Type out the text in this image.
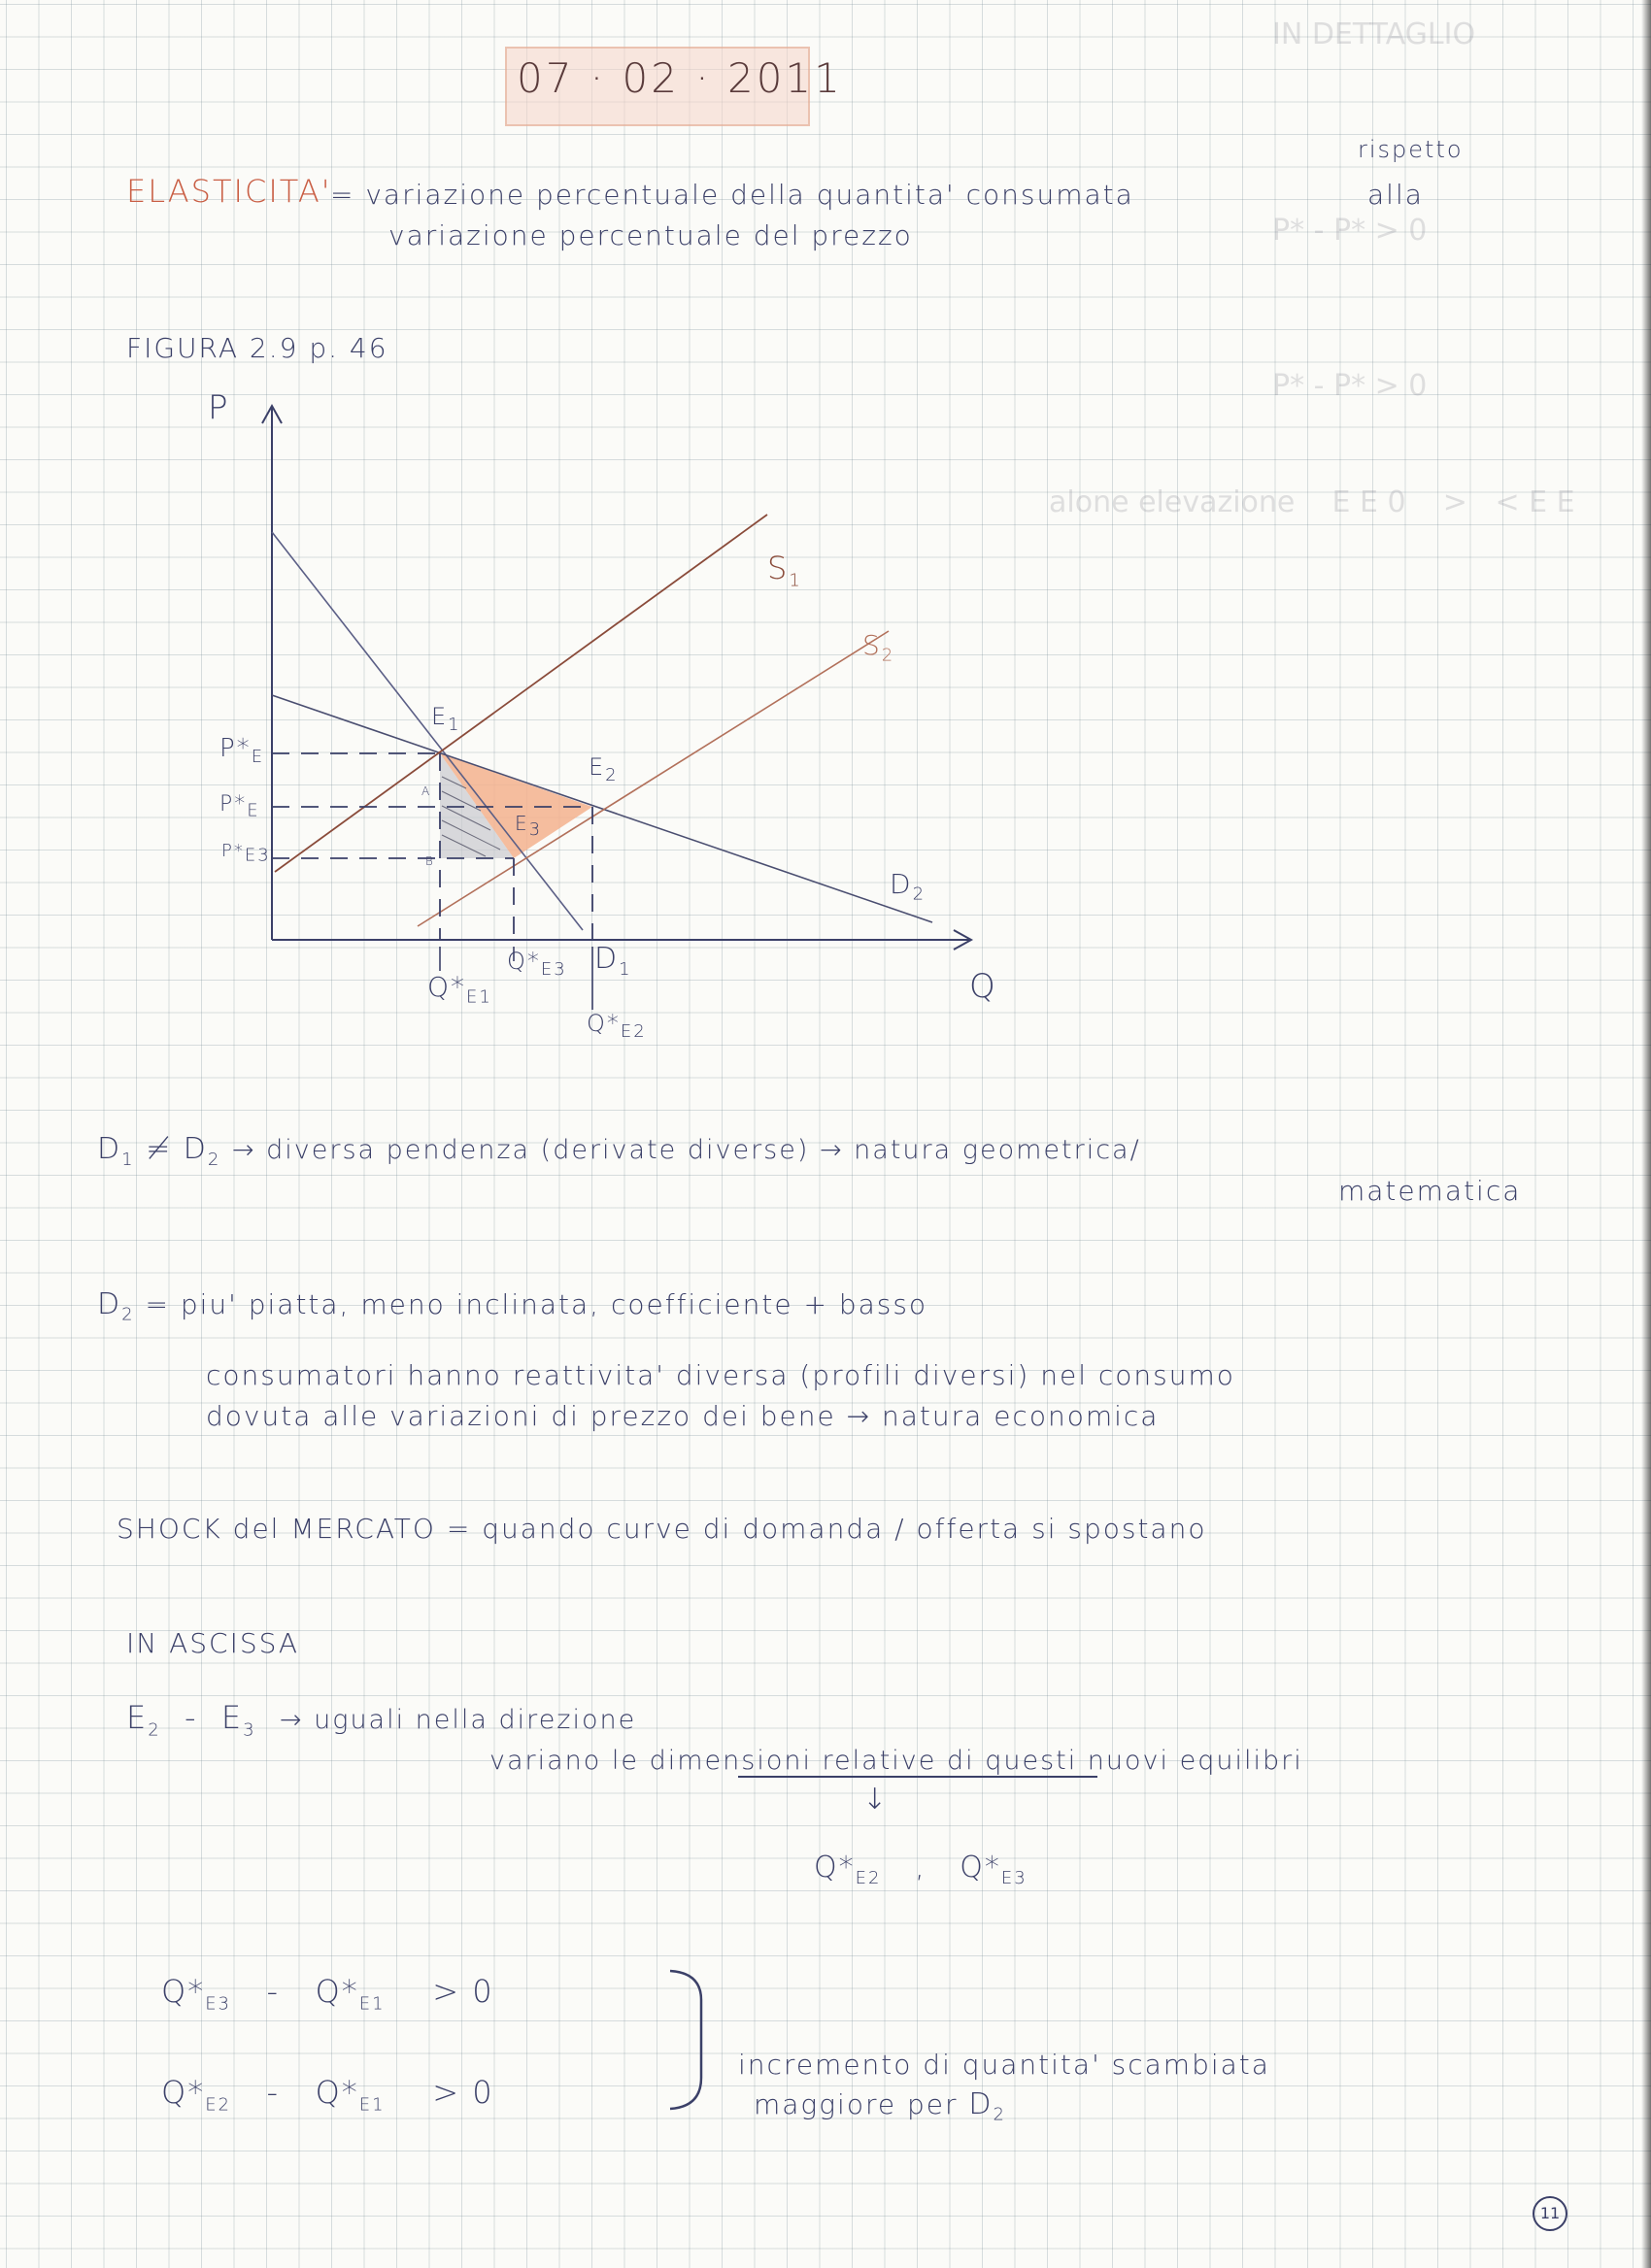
IN DETTAGLIO
P* - P* > 0
P* - P* > 0
alone elevazione    E E 0    >   < E E
07 · 02 · 2011
ELASTICITA'
= variazione percentuale della quantita' consumata
rispetto
alla
variazione percentuale del prezzo
FIGURA 2.9 p. 46
P
Q
$S_1$
$S_2$
$D_2$
$D_1$
$E_1$
$E_2$
E3
$P*_E$
$P*_E$
P*E3
A
B
$Q*_{E1}$
$Q*_{E3}$
$Q*_{E2}$
$D_1 \ne D_2$ → diversa pendenza (derivate diverse) → natura geometrica/
matematica
$D_2 = piu'$ piatta, meno inclinata, coefficiente + basso
consumatori hanno reattivita' diversa (profili diversi) nel consumo
dovuta alle variazioni di prezzo dei bene → natura economica
SHOCK del MERCATO = quando curve di domanda / offerta si spostano
IN ASCISSA
$E_2 - E_3$ → uguali nella direzione
variano le dimensioni relative di questi nuovi equilibri
↓
$Q*_{E2}$ , $Q*_{E3}$
$Q*_{E3} - Q*_{E1} > 0$
$Q*_{E2} - Q*_{E1} > 0$
incremento di quantita' scambiata
maggiore per $D_2$
11
